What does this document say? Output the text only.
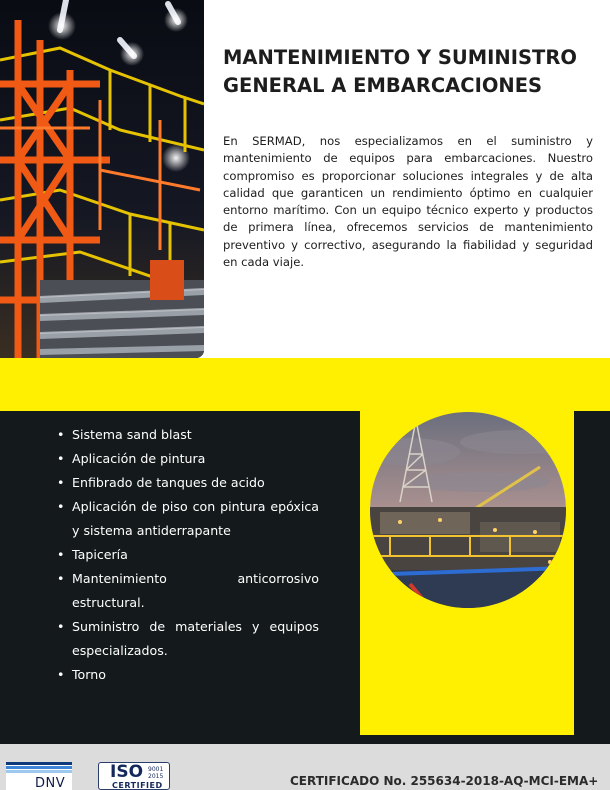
MANTENIMIENTO Y SUMINISTRO
GENERAL A EMBARCACIONES

En SERMAD, nos especializamos en el suministro y mantenimiento de equipos para embarcaciones. Nuestro compromiso es proporcionar soluciones integrales y de alta calidad que garanticen un rendimiento óptimo en cualquier entorno marítimo. Con un equipo técnico experto y productos de primera línea, ofrecemos servicios de mantenimiento preventivo y correctivo, asegurando la fiabilidad y seguridad en cada viaje.

• Sistema sand blast
• Aplicación de pintura
• Enfibrado de tanques de acido
• Aplicación de piso con pintura epóxica y sistema antiderrapante
• Tapicería
• Mantenimiento anticorrosivo estructural.
• Suministro de materiales y equipos especializados.
• Torno
DNV
ISO 9001
2015
CERTIFIED	CERTIFICADO No. 255634-2018-AQ-MCI-EMA+
